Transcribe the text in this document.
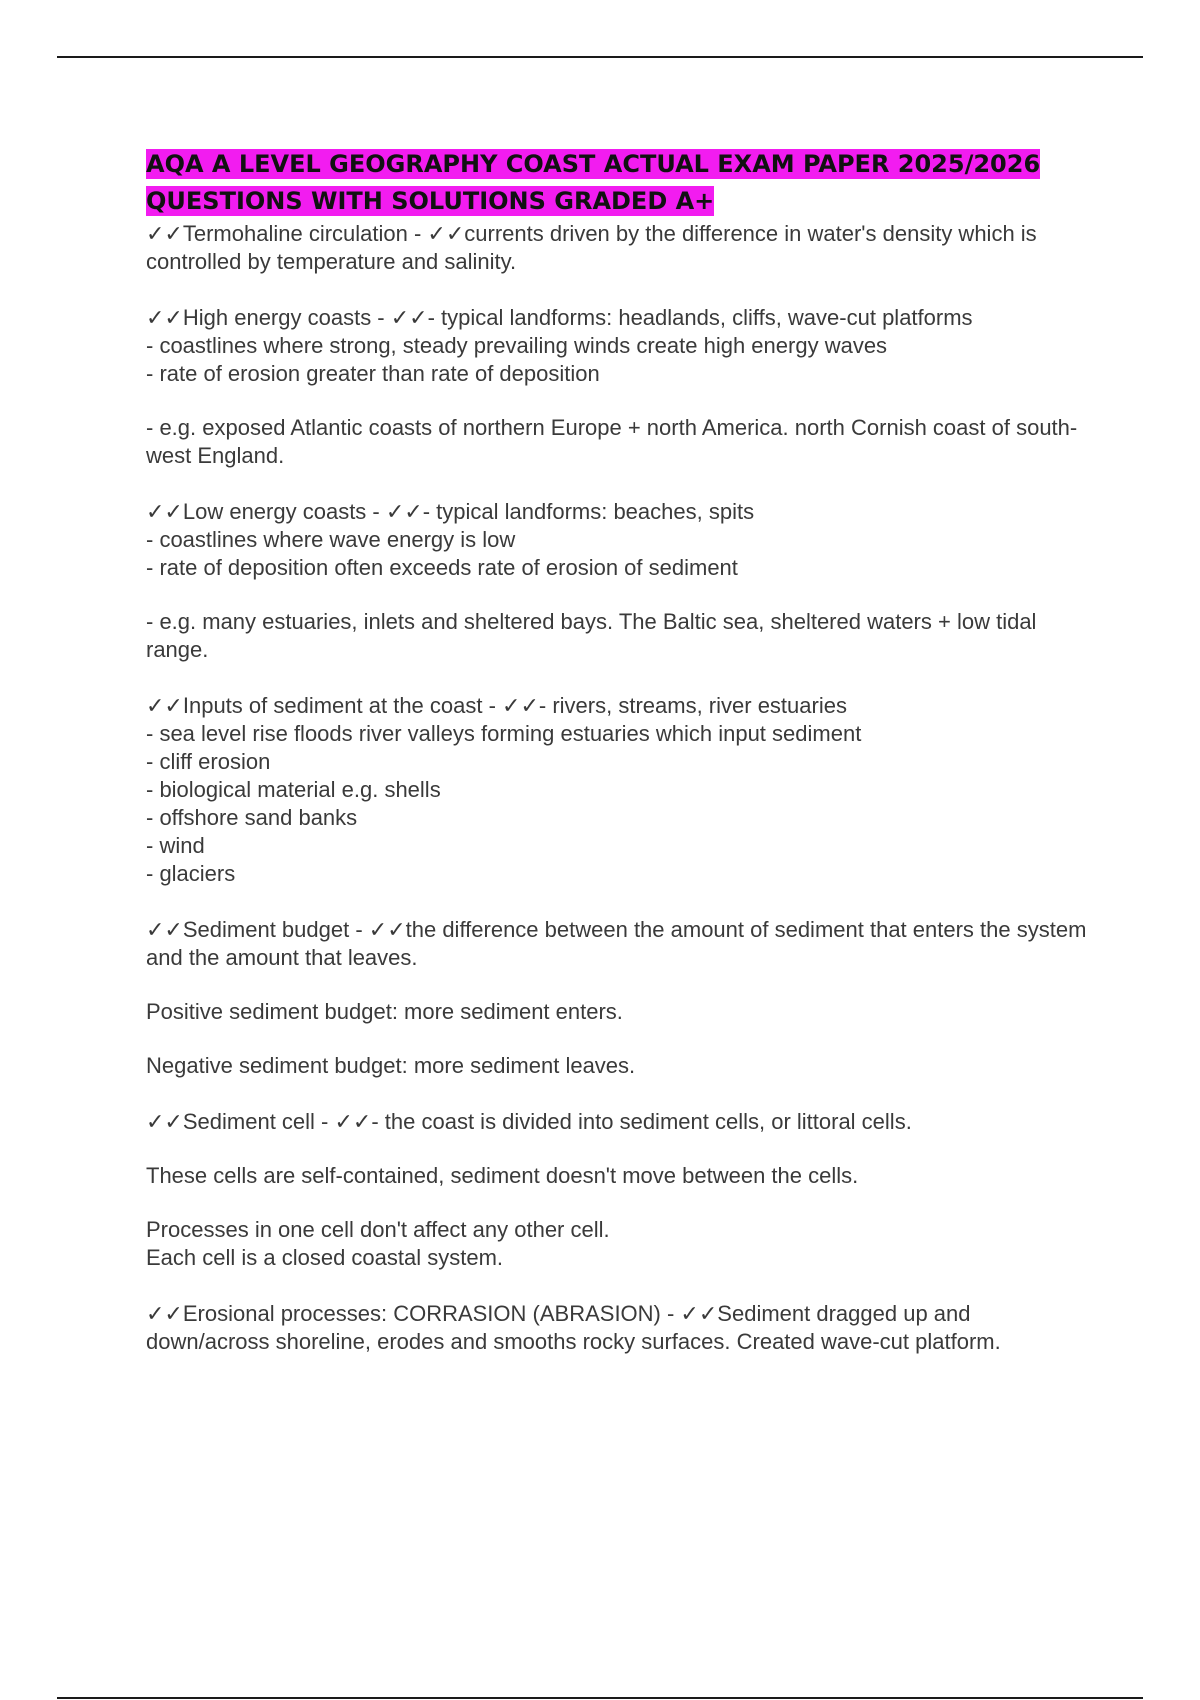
AQA A LEVEL GEOGRAPHY COAST ACTUAL EXAM PAPER 2025/2026 QUESTIONS WITH SOLUTIONS GRADED A+
✓✓Termohaline circulation - ✓✓currents driven by the difference in water's density which is controlled by temperature and salinity.
✓✓High energy coasts - ✓✓- typical landforms: headlands, cliffs, wave-cut platforms
- coastlines where strong, steady prevailing winds create high energy waves
- rate of erosion greater than rate of deposition
- e.g. exposed Atlantic coasts of northern Europe + north America. north Cornish coast of south-west England.
✓✓Low energy coasts - ✓✓- typical landforms: beaches, spits
- coastlines where wave energy is low
- rate of deposition often exceeds rate of erosion of sediment
- e.g. many estuaries, inlets and sheltered bays. The Baltic sea, sheltered waters + low tidal range.
✓✓Inputs of sediment at the coast - ✓✓- rivers, streams, river estuaries
- sea level rise floods river valleys forming estuaries which input sediment
- cliff erosion
- biological material e.g. shells
- offshore sand banks
- wind
- glaciers
✓✓Sediment budget - ✓✓the difference between the amount of sediment that enters the system and the amount that leaves.
Positive sediment budget: more sediment enters.
Negative sediment budget: more sediment leaves.
✓✓Sediment cell - ✓✓- the coast is divided into sediment cells, or littoral cells.
These cells are self-contained, sediment doesn't move between the cells.
Processes in one cell don't affect any other cell.
Each cell is a closed coastal system.
✓✓Erosional processes: CORRASION (ABRASION) - ✓✓Sediment dragged up and down/across shoreline, erodes and smooths rocky surfaces. Created wave-cut platform.
